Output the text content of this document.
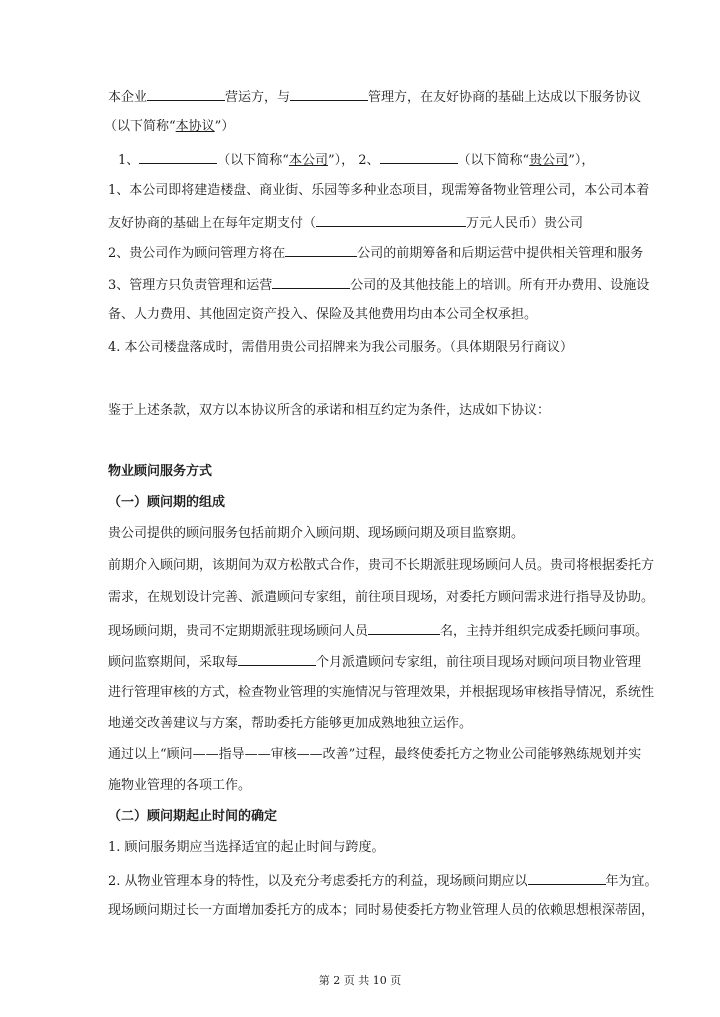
本企业	营运方，与	管理方，在友好协商的基础上达成以下服务协议
（以下简称“本协议”）
1、	（以下简称“本公司”）， 2、	（以下简称“贵公司”），
1、本公司即将建造楼盘、商业街、乐园等多种业态项目，现需筹备物业管理公司，本公司本着
友好协商的基础上在每年定期支付（	万元人民币）贵公司
2、贵公司作为顾问管理方将在	公司的前期筹备和后期运营中提供相关管理和服务
3、管理方只负责管理和运营	公司的及其他技能上的培训。所有开办费用、设施设
备、人力费用、其他固定资产投入、保险及其他费用均由本公司全权承担。
4. 本公司楼盘落成时，需借用贵公司招牌来为我公司服务。（具体期限另行商议）
鉴于上述条款，双方以本协议所含的承诺和相互约定为条件，达成如下协议：
物业顾问服务方式
（一）顾问期的组成
贵公司提供的顾问服务包括前期介入顾问期、现场顾问期及项目监察期。
前期介入顾问期，该期间为双方松散式合作，贵司不长期派驻现场顾问人员。贵司将根据委托方
需求，在规划设计完善、派遣顾问专家组，前往项目现场，对委托方顾问需求进行指导及协助。
现场顾问期，贵司不定期期派驻现场顾问人员	名，主持并组织完成委托顾问事项。
顾问监察期间，采取每	个月派遣顾问专家组，前往项目现场对顾问项目物业管理
进行管理审核的方式，检查物业管理的实施情况与管理效果，并根据现场审核指导情况，系统性
地递交改善建议与方案，帮助委托方能够更加成熟地独立运作。
通过以上“顾问——指导——审核——改善”过程，最终使委托方之物业公司能够熟练规划并实
施物业管理的各项工作。
（二）顾问期起止时间的确定
1. 顾问服务期应当选择适宜的起止时间与跨度。
2. 从物业管理本身的特性，以及充分考虑委托方的利益，现场顾问期应以	年为宜。
现场顾问期过长一方面增加委托方的成本；同时易使委托方物业管理人员的依赖思想根深蒂固，
第 2 页 共 10 页
